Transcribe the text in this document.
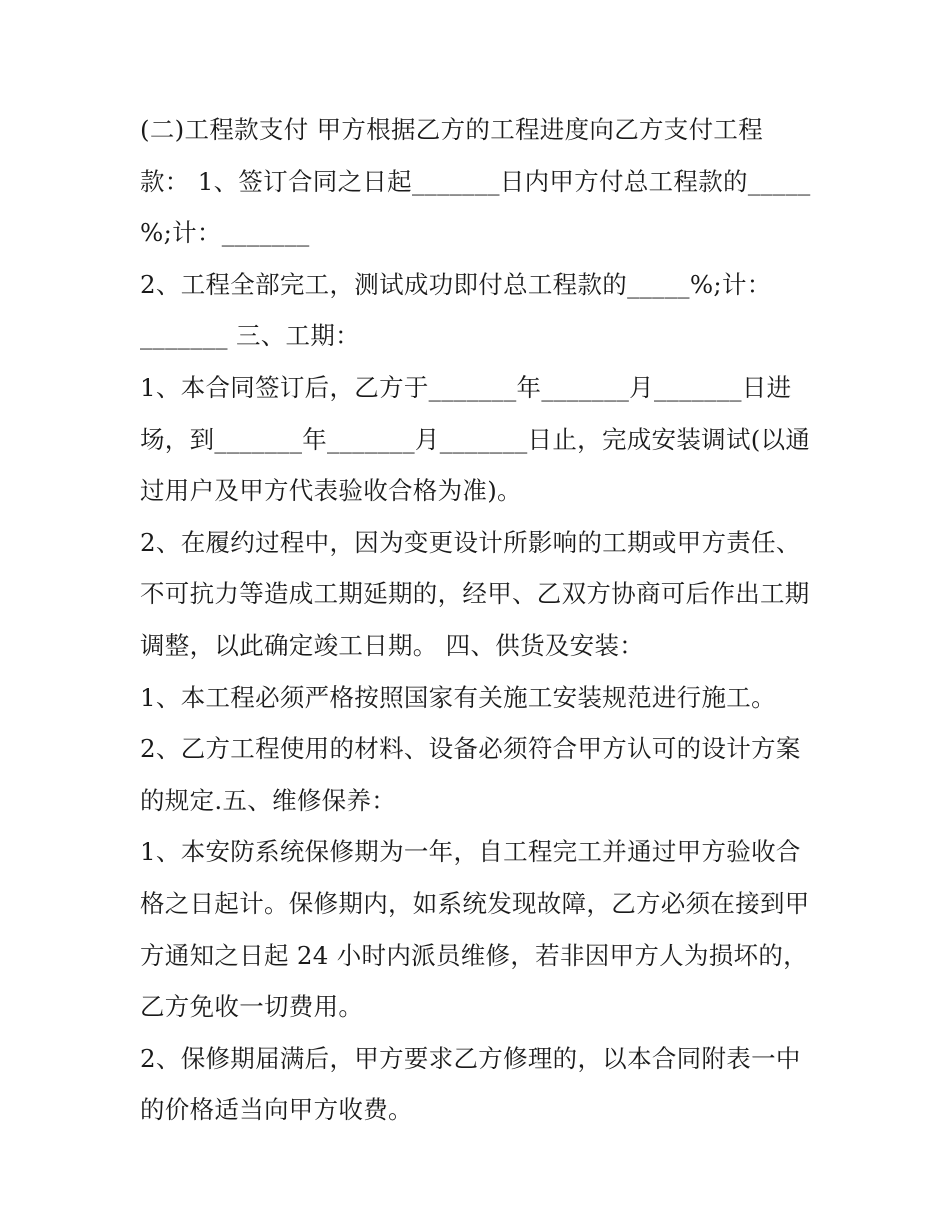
(二)工程款支付 甲方根据乙方的工程进度向乙方支付工程
款： 1、签订合同之日起_______日内甲方付总工程款的_____
%;计：_______
2、工程全部完工，测试成功即付总工程款的_____%;计：
_______ 三、工期：
1、本合同签订后，乙方于_______年_______月_______日进
场，到_______年_______月_______日止，完成安装调试(以通
过用户及甲方代表验收合格为准)。
2、在履约过程中，因为变更设计所影响的工期或甲方责任、
不可抗力等造成工期延期的，经甲、乙双方协商可后作出工期
调整，以此确定竣工日期。 四、供货及安装：
1、本工程必须严格按照国家有关施工安装规范进行施工。
2、乙方工程使用的材料、设备必须符合甲方认可的设计方案
的规定.五、维修保养：
1、本安防系统保修期为一年，自工程完工并通过甲方验收合
格之日起计。保修期内，如系统发现故障，乙方必须在接到甲
方通知之日起 24 小时内派员维修，若非因甲方人为损坏的，
乙方免收一切费用。
2、保修期届满后，甲方要求乙方修理的，以本合同附表一中
的价格适当向甲方收费。
